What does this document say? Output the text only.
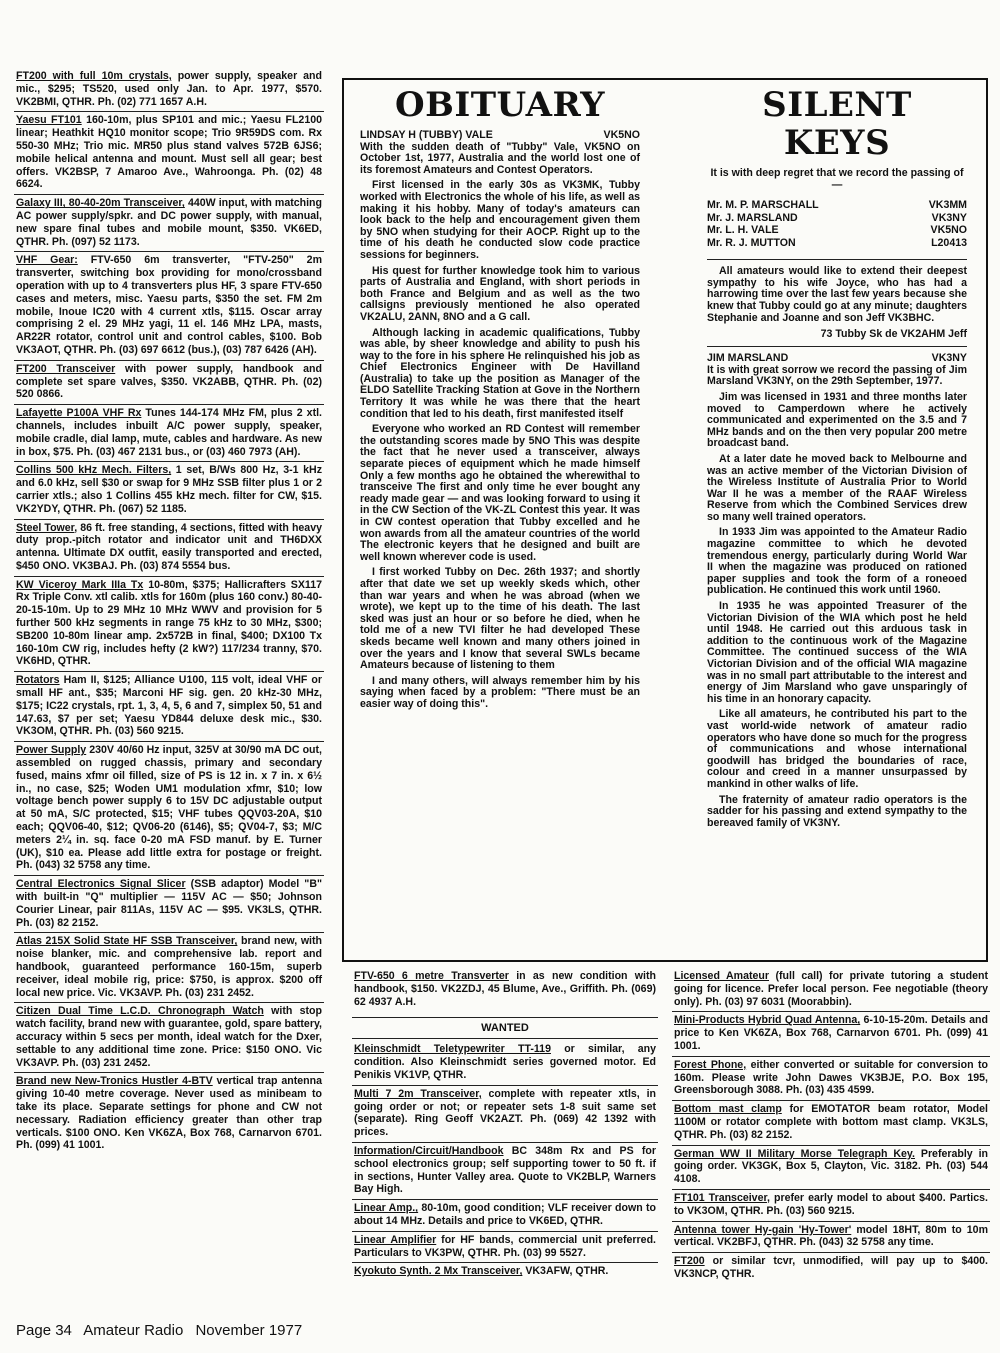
FT200 with full 10m crystals, power supply, speaker and mic., $295; TS520, used only Jan. to Apr. 1977, $570. VK2BMI, QTHR. Ph. (02) 771 1657 A.H.
Yaesu FT101 160-10m, plus SP101 and mic.; Yaesu FL2100 linear; Heathkit HQ10 monitor scope; Trio 9R59DS com. Rx 550-30 MHz; Trio mic. MR50 plus stand valves 572B 6JS6; mobile helical antenna and mount. Must sell all gear; best offers. VK2BSP, 7 Amaroo Ave., Wahroonga. Ph. (02) 48 6624.
Galaxy III, 80-40-20m Transceiver, 440W input, with matching AC power supply/spkr. and DC power supply, with manual, new spare final tubes and mobile mount, $350. VK6ED, QTHR. Ph. (097) 52 1173.
VHF Gear: FTV-650 6m transverter, "FTV-250" 2m transverter, switching box providing for mono/crossband operation with up to 4 transverters plus HF, 3 spare FTV-650 cases and meters, misc. Yaesu parts, $350 the set. FM 2m mobile, Inoue IC20 with 4 current xtls, $115. Oscar array comprising 2 el. 29 MHz yagi, 11 el. 146 MHz LPA, masts, AR22R rotator, control unit and control cables, $100. Bob VK3AOT, QTHR. Ph. (03) 697 6612 (bus.), (03) 787 6426 (AH).
FT200 Transceiver with power supply, handbook and complete set spare valves, $350. VK2ABB, QTHR. Ph. (02) 520 0866.
Lafayette P100A VHF Rx Tunes 144-174 MHz FM, plus 2 xtl. channels, includes inbuilt A/C power supply, speaker, mobile cradle, dial lamp, mute, cables and hardware. As new in box, $75. Ph. (03) 467 2131 bus., or (03) 460 7973 (AH).
Collins 500 kHz Mech. Filters, 1 set, B/Ws 800 Hz, 3-1 kHz and 6.0 kHz, sell $30 or swap for 9 MHz SSB filter plus 1 or 2 carrier xtls.; also 1 Collins 455 kHz mech. filter for CW, $15. VK2YDY, QTHR. Ph. (067) 52 1185.
Steel Tower, 86 ft. free standing, 4 sections, fitted with heavy duty prop.-pitch rotator and indicator unit and TH6DXX antenna. Ultimate DX outfit, easily transported and erected, $450 ONO. VK3BAJ. Ph. (03) 874 5554 bus.
KW Viceroy Mark IIIa Tx 10-80m, $375; Hallicrafters SX117 Rx Triple Conv. xtl calib. xtls for 160m (plus 160 conv.) 80-40-20-15-10m. Up to 29 MHz 10 MHz WWV and provision for 5 further 500 kHz segments in range 75 kHz to 30 MHz, $300; SB200 10-80m linear amp. 2x572B in final, $400; DX100 Tx 160-10m CW rig, includes hefty (2 kW?) 117/234 tranny, $70. VK6HD, QTHR.
Rotators Ham II, $125; Alliance U100, 115 volt, ideal VHF or small HF ant., $35; Marconi HF sig. gen. 20 kHz-30 MHz, $175; IC22 crystals, rpt. 1, 3, 4, 5, 6 and 7, simplex 50, 51 and 147.63, $7 per set; Yaesu YD844 deluxe desk mic., $30. VK3OM, QTHR. Ph. (03) 560 9215.
Power Supply 230V 40/60 Hz input, 325V at 30/90 mA DC out, assembled on rugged chassis, primary and secondary fused, mains xfmr oil filled, size of PS is 12 in. x 7 in. x 6½ in., no case, $25; Woden UM1 modulation xfmr, $10; low voltage bench power supply 6 to 15V DC adjustable output at 50 mA, S/C protected, $15; VHF tubes QQV03-20A, $10 each; QQV06-40, $12; QV06-20 (6146), $5; QV04-7, $3; M/C meters 2¼ in. sq. face 0-20 mA FSD manuf. by E. Turner (UK), $10 ea. Please add little extra for postage or freight. Ph. (043) 32 5758 any time.
Central Electronics Signal Slicer (SSB adaptor) Model "B" with built-in "Q" multiplier — 115V AC — $50; Johnson Courier Linear, pair 811As, 115V AC — $95. VK3LS, QTHR. Ph. (03) 82 2152.
Atlas 215X Solid State HF SSB Transceiver, brand new, with noise blanker, mic. and comprehensive lab. report and handbook, guaranteed performance 160-15m, superb receiver, ideal mobile rig, price: $750, is approx. $200 off local new price. Vic. VK3AVP. Ph. (03) 231 2452.
Citizen Dual Time L.C.D. Chronograph Watch with stop watch facility, brand new with guarantee, gold, spare battery, accuracy within 5 secs per month, ideal watch for the Dxer, settable to any additional time zone. Price: $150 ONO. Vic VK3AVP. Ph. (03) 231 2452.
Brand new New-Tronics Hustler 4-BTV vertical trap antenna giving 10-40 metre coverage. Never used as minibeam to take its place. Separate settings for phone and CW not necessary. Radiation efficiency greater than other trap verticals. $100 ONO. Ken VK6ZA, Box 768, Carnarvon 6701. Ph. (099) 41 1001.
OBITUARY
LINDSAY H (TUBBY) VALE	VK5NO

With the sudden death of "Tubby" Vale, VK5NO on October 1st, 1977, Australia and the world lost one of its foremost Amateurs and Contest Operators.

First licensed in the early 30s as VK3MK, Tubby worked with Electronics the whole of his life, as well as making it his hobby. Many of today's amateurs can look back to the help and encouragement given them by 5NO when studying for their AOCP. Right up to the time of his death he conducted slow code practice sessions for beginners.

His quest for further knowledge took him to various parts of Australia and England, with short periods in both France and Belgium and as well as the two callsigns previously mentioned he also operated VK2ALU, 2ANN, 8NO and a G call.

Although lacking in academic qualifications, Tubby was able, by sheer knowledge and ability to push his way to the fore in his sphere He relinquished his job as Chief Electronics Engineer with De Havilland (Australia) to take up the position as Manager of the ELDO Satellite Tracking Station at Gove in the Northern Territory It was while he was there that the heart condition that led to his death, first manifested itself

Everyone who worked an RD Contest will remember the outstanding scores made by 5NO This was despite the fact that he never used a transceiver, always separate pieces of equipment which he made himself Only a few months ago he obtained the wherewithal to transceive The first and only time he ever bought any ready made gear — and was looking forward to using it in the CW Section of the VK-ZL Contest this year. It was in CW contest operation that Tubby excelled and he won awards from all the amateur countries of the world The electronic keyers that he designed and built are well known wherever code is used.

I first worked Tubby on Dec. 26th 1937; and shortly after that date we set up weekly skeds which, other than war years and when he was abroad (when we wrote), we kept up to the time of his death. The last sked was just an hour or so before he died, when he told me of a new TVI filter he had developed These skeds became well known and many others joined in over the years and I know that several SWLs became Amateurs because of listening to them

I and many others, will always remember him by his saying when faced by a problem: "There must be an easier way of doing this".

SILENT KEYS

It is with deep regret that we record the passing of —

Mr. M. P. MARSCHALL	VK3MM
Mr. J. MARSLAND	VK3NY
Mr. L. H. VALE	VK5NO
Mr. R. J. MUTTON	L20413

All amateurs would like to extend their deepest sympathy to his wife Joyce, who has had a harrowing time over the last few years because she knew that Tubby could go at any minute; daughters Stephanie and Joanne and son Jeff VK3BHC.

73 Tubby Sk de VK2AHM Jeff
JIM MARSLAND	VK3NY

It is with great sorrow we record the passing of Jim Marsland VK3NY, on the 29th September, 1977.

Jim was licensed in 1931 and three months later moved to Camperdown where he actively communicated and experimented on the 3.5 and 7 MHz bands and on the then very popular 200 metre broadcast band.

At a later date he moved back to Melbourne and was an active member of the Victorian Division of the Wireless Institute of Australia Prior to World War II he was a member of the RAAF Wireless Reserve from which the Combined Services drew so many well trained operators.

In 1933 Jim was appointed to the Amateur Radio magazine committee to which he devoted tremendous energy, particularly during World War II when the magazine was produced on rationed paper supplies and took the form of a roneoed publication. He continued this work until 1960.

In 1935 he was appointed Treasurer of the Victorian Division of the WIA which post he held until 1948. He carried out this arduous task in addition to the continuous work of the Magazine Committee. The continued success of the WIA Victorian Division and of the official WIA magazine was in no small part attributable to the interest and energy of Jim Marsland who gave unsparingly of his time in an honorary capacity.

Like all amateurs, he contributed his part to the vast world-wide network of amateur radio operators who have done so much for the progress of communications and whose international goodwill has bridged the boundaries of race, colour and creed in a manner unsurpassed by mankind in other walks of life.

The fraternity of amateur radio operators is the sadder for his passing and extend sympathy to the bereaved family of VK3NY.

FTV-650 6 metre Transverter in as new condition with handbook, $150. VK2ZDJ, 45 Blume, Ave., Griffith. Ph. (069) 62 4937 A.H.
WANTED
Kleinschmidt Teletypewriter TT-119 or similar, any condition. Also Kleinschmidt series governed motor. Ed Penikis VK1VP, QTHR.
Multi 7 2m Transceiver, complete with repeater xtls, in going order or not; or repeater sets 1-8 suit same set (separate). Ring Geoff VK2AZT. Ph. (069) 42 1392 with prices.
Information/Circuit/Handbook BC 348m Rx and PS for school electronics group; self supporting tower to 50 ft. if in sections, Hunter Valley area. Quote to VK2BLP, Warners Bay High.
Linear Amp., 80-10m, good condition; VLF receiver down to about 14 MHz. Details and price to VK6ED, QTHR.
Linear Amplifier for HF bands, commercial unit preferred. Particulars to VK3PW, QTHR. Ph. (03) 99 5527.
Kyokuto Synth. 2 Mx Transceiver, VK3AFW, QTHR.
Licensed Amateur (full call) for private tutoring a student going for licence. Prefer local person. Fee negotiable (theory only). Ph. (03) 97 6031 (Moorabbin).
Mini-Products Hybrid Quad Antenna, 6-10-15-20m. Details and price to Ken VK6ZA, Box 768, Carnarvon 6701. Ph. (099) 41 1001.
Forest Phone, either converted or suitable for conversion to 160m. Please write John Dawes VK3BJE, P.O. Box 195, Greensborough 3088. Ph. (03) 435 4599.
Bottom mast clamp for EMOTATOR beam rotator, Model 1100M or rotator complete with bottom mast clamp. VK3LS, QTHR. Ph. (03) 82 2152.
German WW II Military Morse Telegraph Key. Preferably in going order. VK3GK, Box 5, Clayton, Vic. 3182. Ph. (03) 544 4108.
FT101 Transceiver, prefer early model to about $400. Partics. to VK3OM, QTHR. Ph. (03) 560 9215.
Antenna tower Hy-gain 'Hy-Tower' model 18HT, 80m to 10m vertical. VK2BFJ, QTHR. Ph. (043) 32 5758 any time.
FT200 or similar tcvr, unmodified, will pay up to $400. VK3NCP, QTHR.
Page 34 Amateur Radio November 1977
